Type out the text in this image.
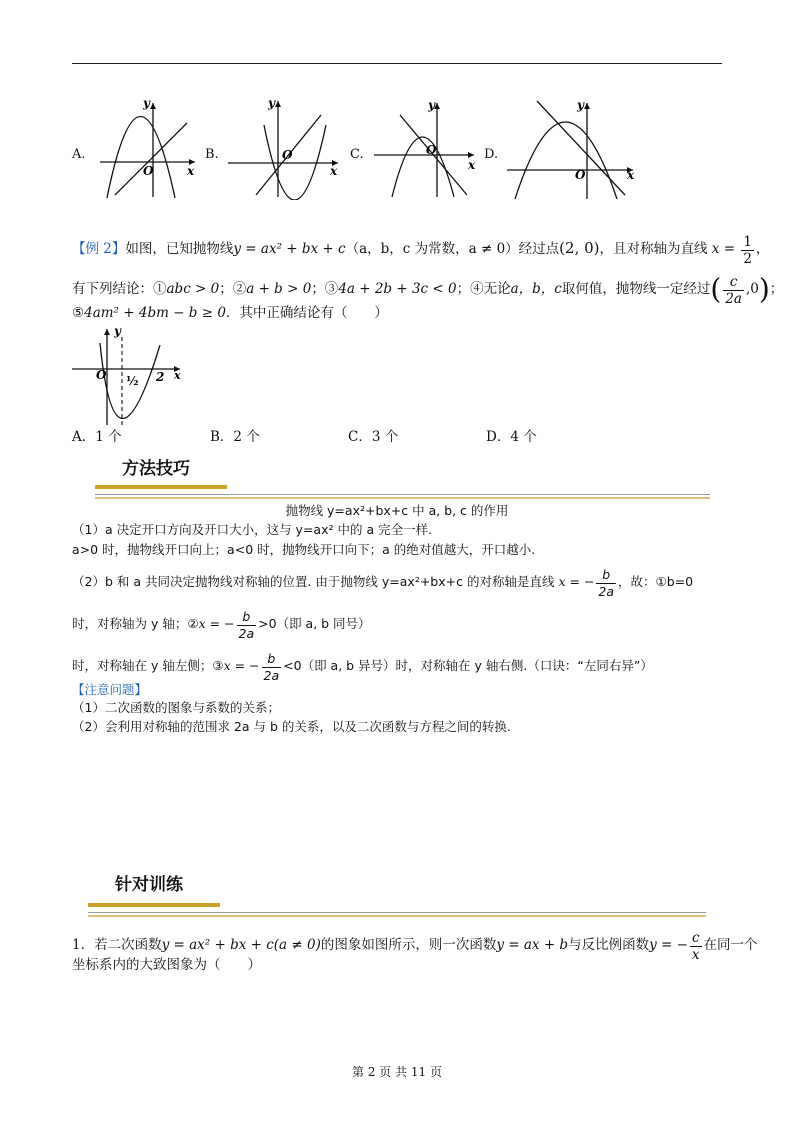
A.
y
x
O
B.
y
x
O	C.
y
x
O	D.
y
x
O
【例 2】如图，已知抛物线y = ax² + bx + c（a，b，c 为常数，a ≠ 0）经过点(2, 0)，且对称轴为直线 $x = \frac{1}{2}$ ，
有下列结论：①abc > 0；②a + b > 0；③4a + 2b + 3c < 0；④无论a，b，c取何值，抛物线一定经过( $\frac{c}{2a} ,0$)；
⑤4am² + 4bm − b ≥ 0．其中正确结论有（　　）
y
O ½ 2 x
A．1 个	B．2 个	C．3 个	D．4 个
方法技巧
抛物线 y=ax²+bx+c 中 a, b, c 的作用
（1）a 决定开口方向及开口大小，这与 y=ax² 中的 a 完全一样.
a>0 时，抛物线开口向上；a<0 时，抛物线开口向下；a 的绝对值越大，开口越小.
（2）b 和 a 共同决定抛物线对称轴的位置. 由于抛物线 y=ax²+bx+c 的对称轴是直线 x = − $\frac{b}{2a}$ ，故：①b=0
时，对称轴为 y 轴；②x = − $\frac{b}{2a} >0$（即 a, b 同号）
时，对称轴在 y 轴左侧；③x = − $\frac{b}{2a} <0$（即 a, b 异号）时，对称轴在 y 轴右侧.（口诀：“左同右异”）
【注意问题】
（1）二次函数的图象与系数的关系；
（2）会利用对称轴的范围求 2a 与 b 的关系，以及二次函数与方程之间的转换.
针对训练
1．若二次函数y = ax² + bx + c(a ≠ 0)的图象如图所示，则一次函数y = ax + b与反比例函数y = − $\frac{c}{x}$ 在同一个
坐标系内的大致图象为（　　）
第 2 页 共 11 页
